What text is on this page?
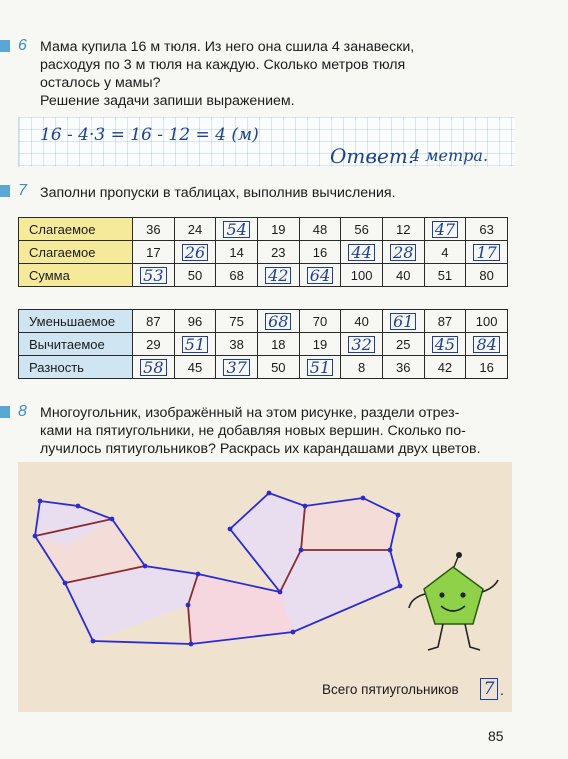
6 Мама купила 16 м тюля. Из него она сшила 4 занавески,
расходуя по 3 м тюля на каждую. Сколько метров тюля
осталось у мамы?
Решение задачи запиши выражением.
16 - 4·3 = 16 - 12 = 4 (м)
Ответ.
4 метра.
7 Заполни пропуски в таблицах, выполнив вычисления.
Слагаемое	36	24	54	19	48	56	12	47	63
Слагаемое	17	26	14	23	16	44	28	4	17
Сумма	53	50	68	42	64	100	40	51	80
Уменьшаемое	87	96	75	68	70	40	61	87	100
Вычитаемое	29	51	38	18	19	32	25	45	84
Разность	58	45	37	50	51	8	36	42	16
8 Многоугольник, изображённый на этом рисунке, раздели отрез-
ками на пятиугольники, не добавляя новых вершин. Сколько по-
лучилось пятиугольников? Раскрась их карандашами двух цветов.
Всего пятиугольников 7 .
85
